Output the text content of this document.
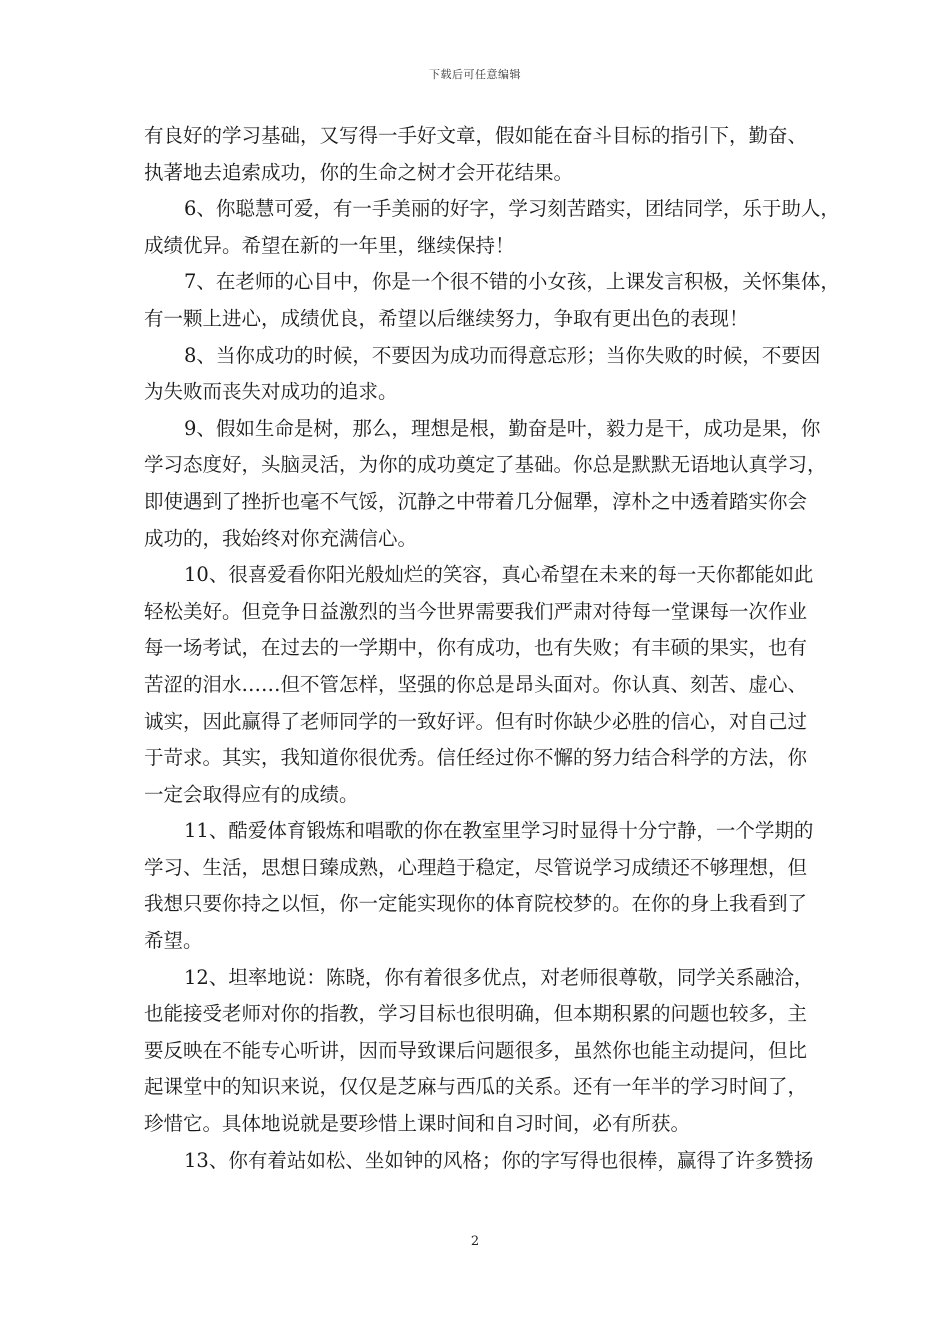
下载后可任意编辑
有良好的学习基础，又写得一手好文章，假如能在奋斗目标的指引下，勤奋、
执著地去追索成功，你的生命之树才会开花结果。
6、你聪慧可爱，有一手美丽的好字，学习刻苦踏实，团结同学，乐于助人，
成绩优异。希望在新的一年里，继续保持！
7、在老师的心目中，你是一个很不错的小女孩，上课发言积极，关怀集体，
有一颗上进心，成绩优良，希望以后继续努力，争取有更出色的表现！
8、当你成功的时候，不要因为成功而得意忘形；当你失败的时候，不要因
为失败而丧失对成功的追求。
9、假如生命是树，那么，理想是根，勤奋是叶，毅力是干，成功是果，你
学习态度好，头脑灵活，为你的成功奠定了基础。你总是默默无语地认真学习，
即使遇到了挫折也毫不气馁，沉静之中带着几分倔犟，淳朴之中透着踏实你会
成功的，我始终对你充满信心。
10、很喜爱看你阳光般灿烂的笑容，真心希望在未来的每一天你都能如此
轻松美好。但竞争日益激烈的当今世界需要我们严肃对待每一堂课每一次作业
每一场考试，在过去的一学期中，你有成功，也有失败；有丰硕的果实，也有
苦涩的泪水……但不管怎样，坚强的你总是昂头面对。你认真、刻苦、虚心、
诚实，因此赢得了老师同学的一致好评。但有时你缺少必胜的信心，对自己过
于苛求。其实，我知道你很优秀。信任经过你不懈的努力结合科学的方法，你
一定会取得应有的成绩。
11、酷爱体育锻炼和唱歌的你在教室里学习时显得十分宁静，一个学期的
学习、生活，思想日臻成熟，心理趋于稳定，尽管说学习成绩还不够理想，但
我想只要你持之以恒，你一定能实现你的体育院校梦的。在你的身上我看到了
希望。
12、坦率地说：陈晓，你有着很多优点，对老师很尊敬，同学关系融洽，
也能接受老师对你的指教，学习目标也很明确，但本期积累的问题也较多，主
要反映在不能专心听讲，因而导致课后问题很多，虽然你也能主动提问，但比
起课堂中的知识来说，仅仅是芝麻与西瓜的关系。还有一年半的学习时间了，
珍惜它。具体地说就是要珍惜上课时间和自习时间，必有所获。
13、你有着站如松、坐如钟的风格；你的字写得也很棒，赢得了许多赞扬
2
